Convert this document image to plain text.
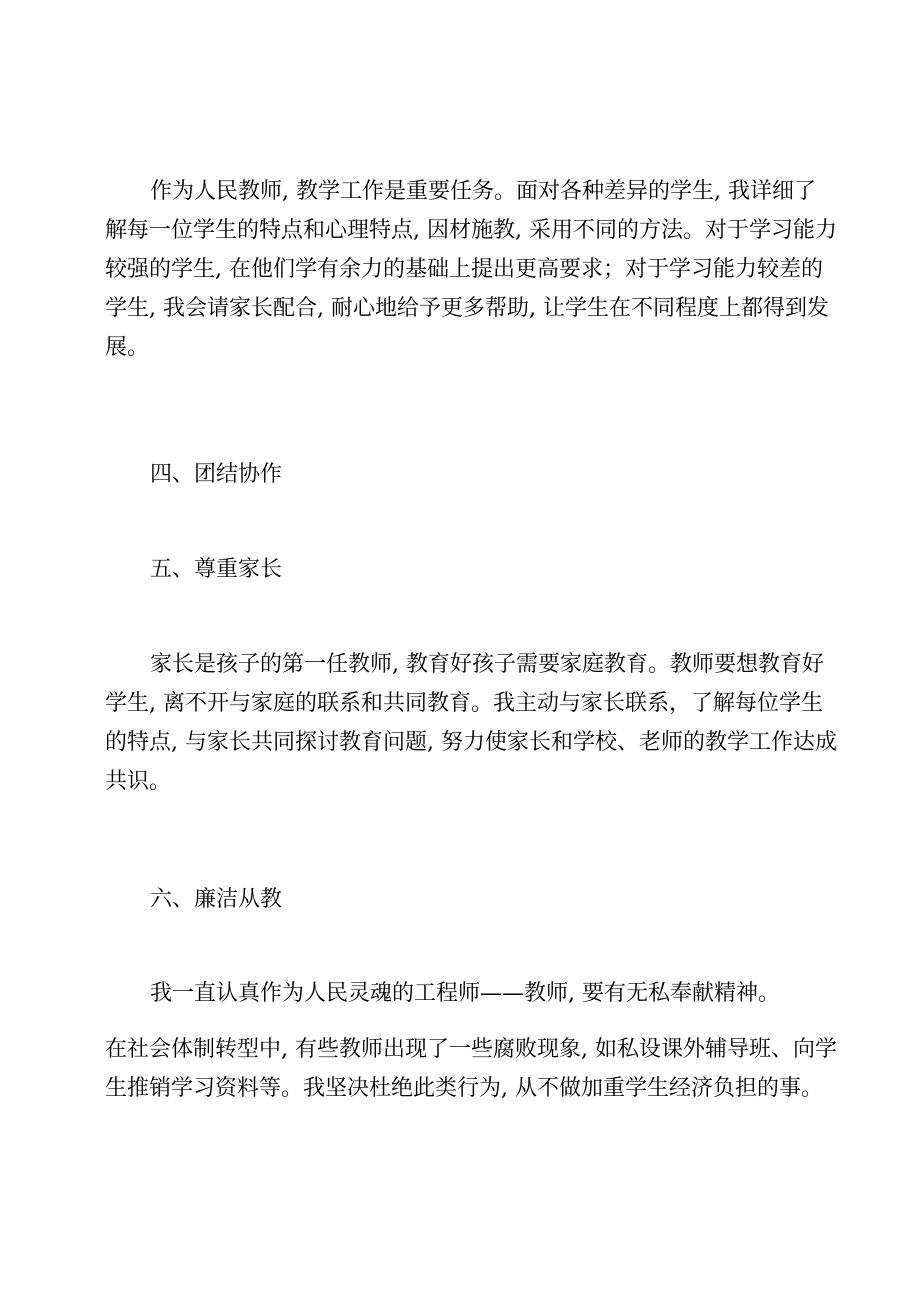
作为人民教师, 教学工作是重要任务。面对各种差异的学生, 我详细了
解每一位学生的特点和心理特点, 因材施教, 采用不同的方法。对于学习能力
较强的学生, 在他们学有余力的基础上提出更高要求；对于学习能力较差的
学生, 我会请家长配合, 耐心地给予更多帮助, 让学生在不同程度上都得到发
展。
四、团结协作
五、尊重家长
家长是孩子的第一任教师, 教育好孩子需要家庭教育。教师要想教育好
学生, 离不开与家庭的联系和共同教育。我主动与家长联系，了解每位学生
的特点, 与家长共同探讨教育问题, 努力使家长和学校、老师的教学工作达成
共识。
六、廉洁从教
我一直认真作为人民灵魂的工程师——教师, 要有无私奉献精神。
在社会体制转型中, 有些教师出现了一些腐败现象, 如私设课外辅导班、向学
生推销学习资料等。我坚决杜绝此类行为, 从不做加重学生经济负担的事。
